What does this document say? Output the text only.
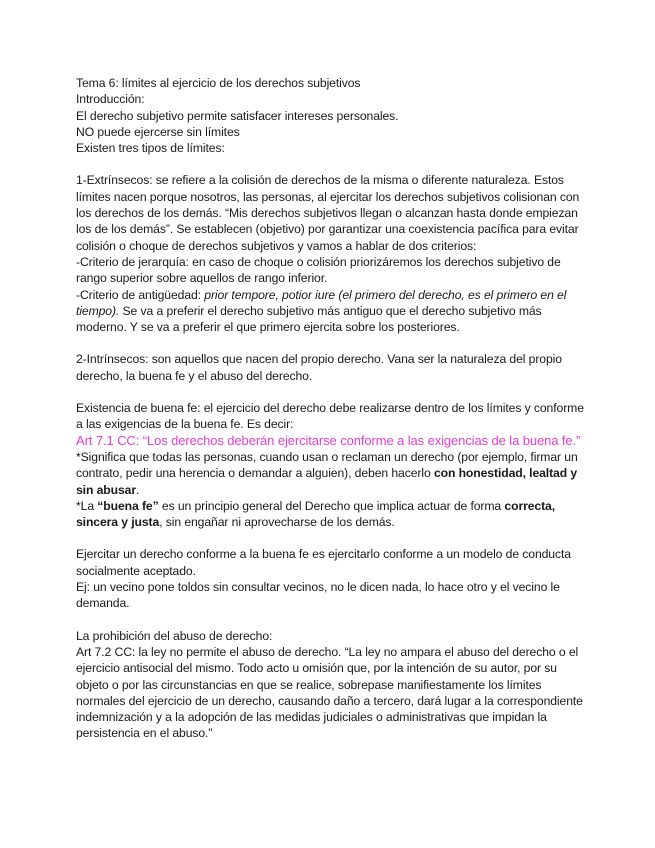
Tema 6: límites al ejercicio de los derechos subjetivos
Introducción:
El derecho subjetivo permite satisfacer intereses personales.
NO puede ejercerse sin límites
Existen tres tipos de límites:

1-Extrínsecos: se refiere a la colisión de derechos de la misma o diferente naturaleza. Estos límites nacen porque nosotros, las personas, al ejercitar los derechos subjetivos colisionan con los derechos de los demás. “Mis derechos subjetivos llegan o alcanzan hasta donde empiezan los de los demás”. Se establecen (objetivo) por garantizar una coexistencia pacífica para evitar colisión o choque de derechos subjetivos y vamos a hablar de dos criterios:

-Criterio de jerarquía: en caso de choque o colisión priorizáremos los derechos subjetivo de rango superior sobre aquellos de rango inferior.

-Criterio de antigüedad: prior tempore, potior iure (el primero del derecho, es el primero en el tiempo). Se va a preferir el derecho subjetivo más antiguo que el derecho subjetivo más moderno. Y se va a preferir el que primero ejercita sobre los posteriores.

2-Intrínsecos: son aquellos que nacen del propio derecho. Vana ser la naturaleza del propio derecho, la buena fe y el abuso del derecho.

Existencia de buena fe: el ejercicio del derecho debe realizarse dentro de los límites y conforme a las exigencias de la buena fe. Es decir:

Art 7.1 CC: “Los derechos deberán ejercitarse conforme a las exigencias de la buena fe.”

*Significa que todas las personas, cuando usan o reclaman un derecho (por ejemplo, firmar un contrato, pedir una herencia o demandar a alguien), deben hacerlo con honestidad, lealtad y sin abusar.

*La “buena fe” es un principio general del Derecho que implica actuar de forma correcta, sincera y justa, sin engañar ni aprovecharse de los demás.

Ejercitar un derecho conforme a la buena fe es ejercitarlo conforme a un modelo de conducta socialmente aceptado.

Ej: un vecino pone toldos sin consultar vecinos, no le dicen nada, lo hace otro y el vecino le demanda.

La prohibición del abuso de derecho:

Art 7.2 CC: la ley no permite el abuso de derecho. “La ley no ampara el abuso del derecho o el ejercicio antisocial del mismo. Todo acto u omisión que, por la intención de su autor, por su objeto o por las circunstancias en que se realice, sobrepase manifiestamente los límites normales del ejercicio de un derecho, causando daño a tercero, dará lugar a la correspondiente indemnización y a la adopción de las medidas judiciales o administrativas que impidan la persistencia en el abuso.”
